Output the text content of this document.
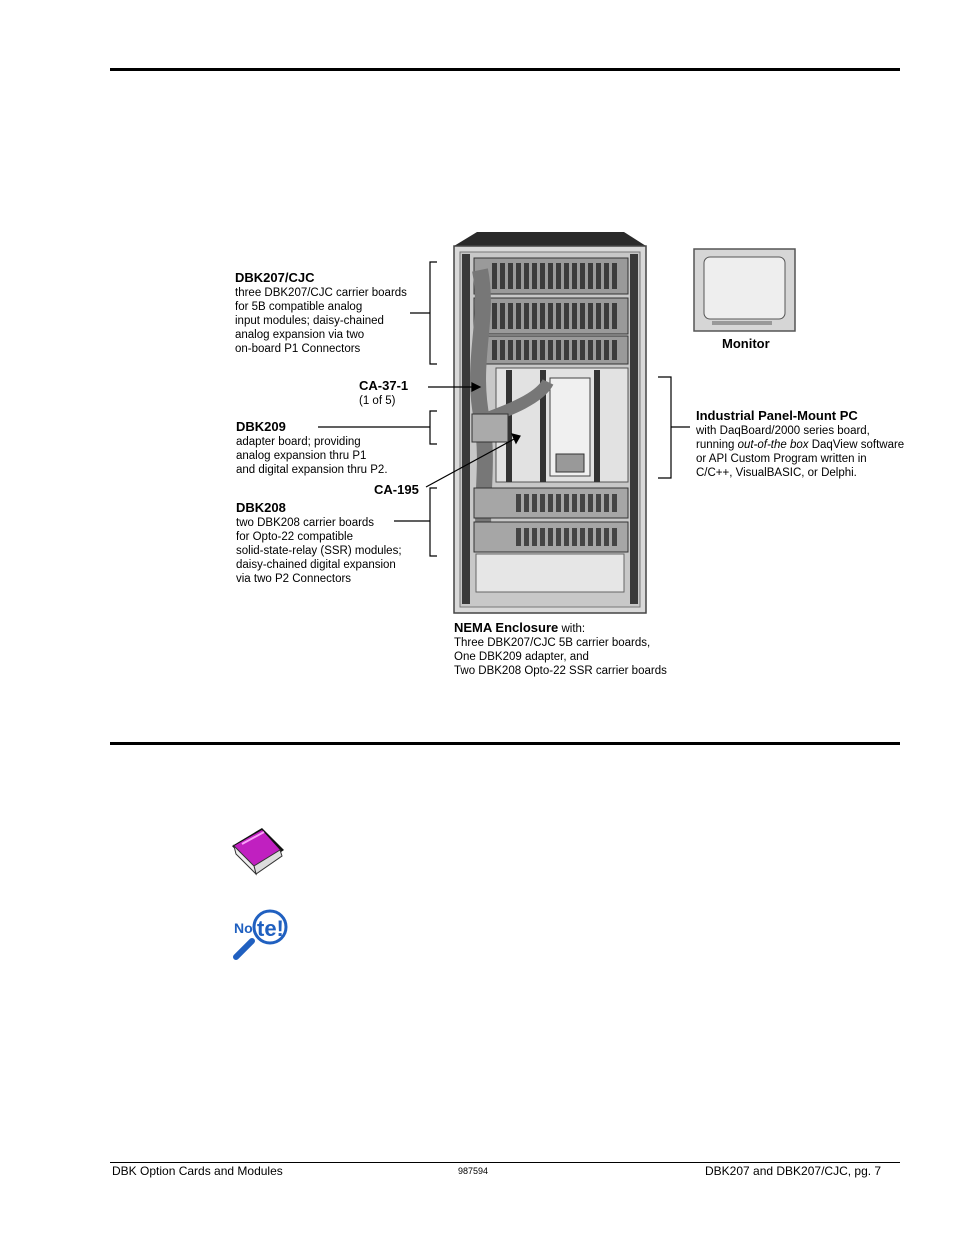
DBK207/CJC
three DBK207/CJC carrier boards
for 5B compatible analog
input modules; daisy-chained
analog expansion via two
on-board P1 Connectors
CA-37-1
(1 of 5)
DBK209
adapter board; providing
analog expansion thru P1
and digital expansion thru P2.
CA-195
DBK208
two DBK208 carrier boards
for Opto-22 compatible
solid-state-relay (SSR) modules;
daisy-chained digital expansion
via two P2 Connectors
Monitor
Industrial Panel-Mount PC
with DaqBoard/2000 series board,
running out-of-the box DaqView software
or API Custom Program written in
C/C++, VisualBASIC, or Delphi.
NEMA Enclosure with:
Three DBK207/CJC 5B carrier boards,
One DBK209 adapter, and
Two DBK208 Opto-22 SSR carrier boards
No te!
DBK Option Cards and Modules	987594	DBK207 and DBK207/CJC, pg. 7
